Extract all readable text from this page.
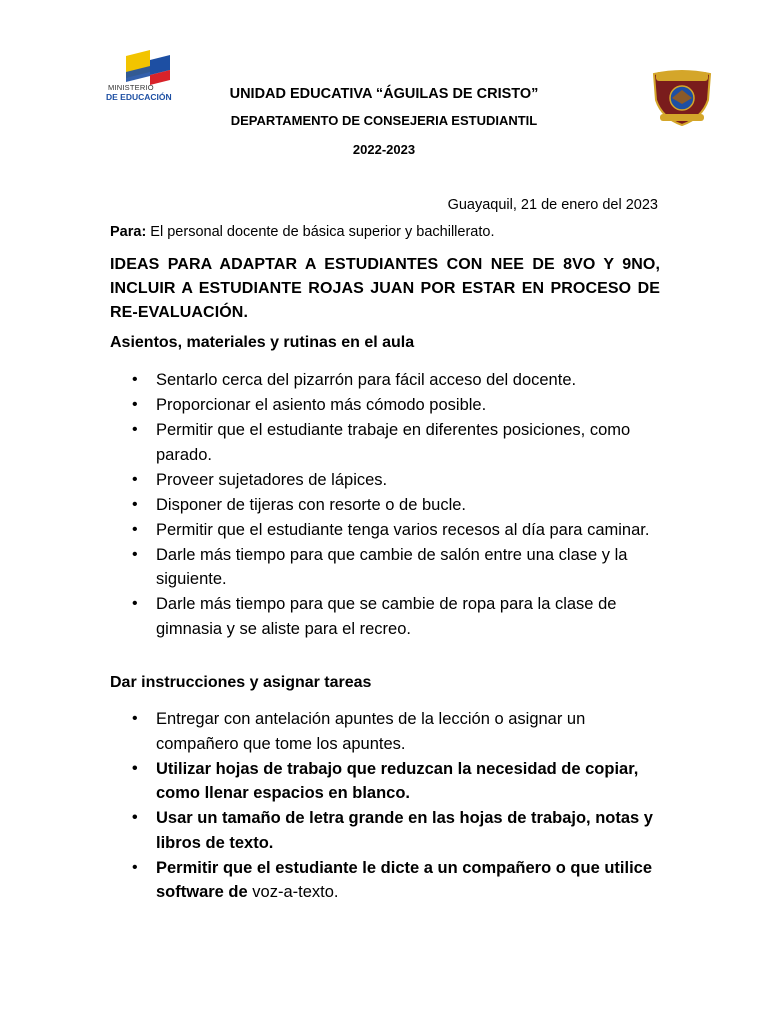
MINISTERIO
DE EDUCACIÓN	UNIDAD EDUCATIVA “ÁGUILAS DE CRISTO”
DEPARTAMENTO DE CONSEJERIA ESTUDIANTIL
2022-2023
Guayaquil, 21 de enero del 2023
Para: El personal docente de básica superior y bachillerato.
IDEAS PARA ADAPTAR A ESTUDIANTES CON NEE DE 8VO Y 9NO, INCLUIR A ESTUDIANTE ROJAS JUAN POR ESTAR EN PROCESO DE RE-EVALUACIÓN.
Asientos, materiales y rutinas en el aula
• Sentarlo cerca del pizarrón para fácil acceso del docente.
• Proporcionar el asiento más cómodo posible.
• Permitir que el estudiante trabaje en diferentes posiciones, como parado.
• Proveer sujetadores de lápices.
• Disponer de tijeras con resorte o de bucle.
• Permitir que el estudiante tenga varios recesos al día para caminar.
• Darle más tiempo para que cambie de salón entre una clase y la siguiente.
• Darle más tiempo para que se cambie de ropa para la clase de gimnasia y se aliste para el recreo.
Dar instrucciones y asignar tareas
• Entregar con antelación apuntes de la lección o asignar un compañero que tome los apuntes.
• Utilizar hojas de trabajo que reduzcan la necesidad de copiar, como llenar espacios en blanco.
• Usar un tamaño de letra grande en las hojas de trabajo, notas y libros de texto.
• Permitir que el estudiante le dicte a un compañero o que utilice software de voz-a-texto.
